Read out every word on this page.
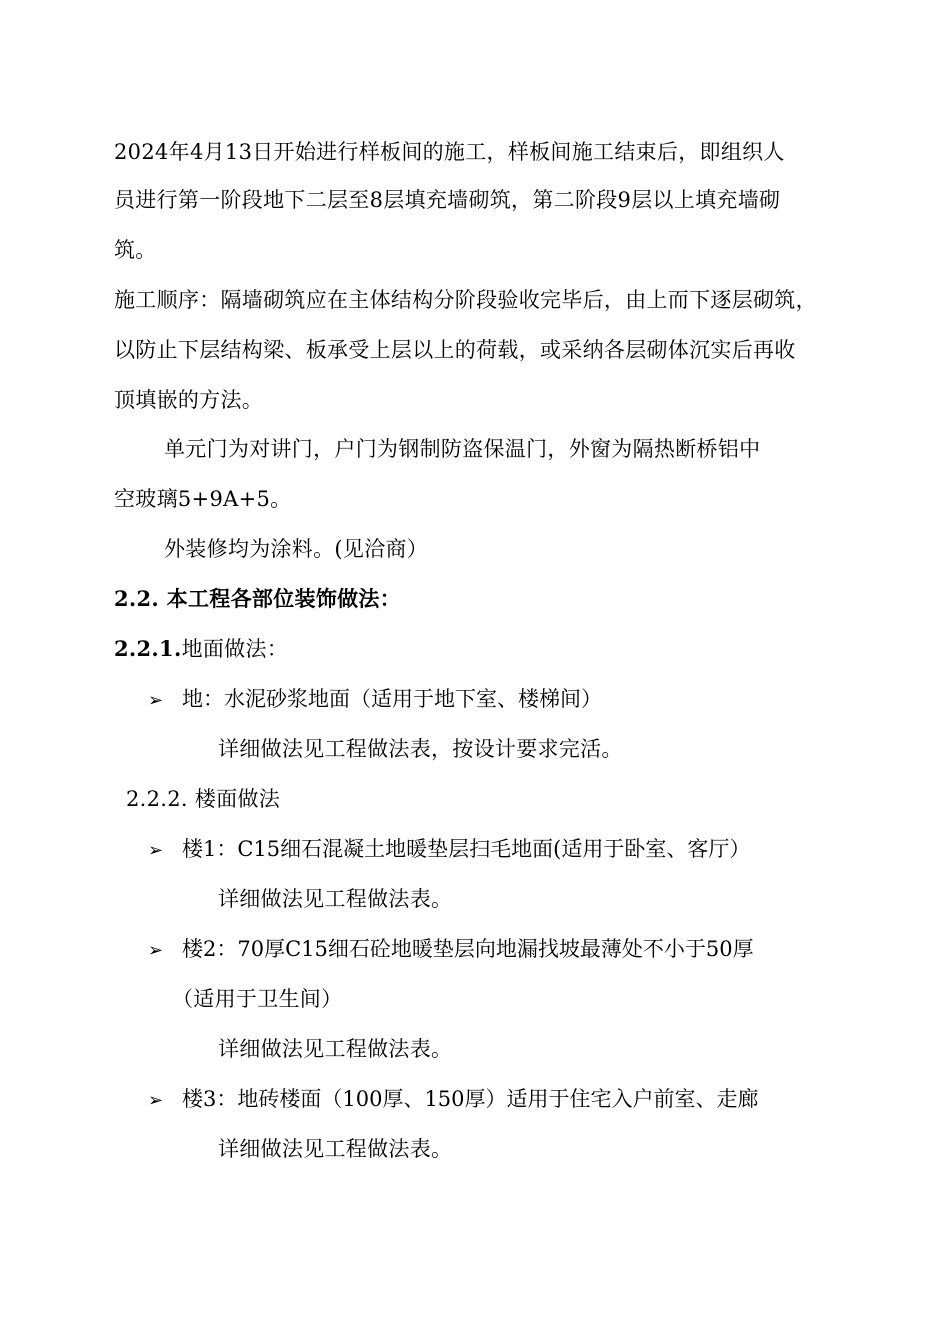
2024年4月13日开始进行样板间的施工，样板间施工结束后，即组织人
员进行第一阶段地下二层至8层填充墙砌筑，第二阶段9层以上填充墙砌
筑。
施工顺序：隔墙砌筑应在主体结构分阶段验收完毕后，由上而下逐层砌筑，
以防止下层结构梁、板承受上层以上的荷载，或采纳各层砌体沉实后再收
顶填嵌的方法。
单元门为对讲门，户门为钢制防盗保温门，外窗为隔热断桥铝中
空玻璃5+9A+5。
外装修均为涂料。(见洽商）
2.2. 本工程各部位装饰做法：
2.2.1.地面做法：
➢ 地：水泥砂浆地面（适用于地下室、楼梯间）
详细做法见工程做法表，按设计要求完活。
2.2.2. 楼面做法
➢ 楼1：C15细石混凝土地暖垫层扫毛地面(适用于卧室、客厅）
详细做法见工程做法表。
➢ 楼2：70厚C15细石砼地暖垫层向地漏找坡最薄处不小于50厚
（适用于卫生间）
详细做法见工程做法表。
➢ 楼3：地砖楼面（100厚、150厚）适用于住宅入户前室、走廊
详细做法见工程做法表。
